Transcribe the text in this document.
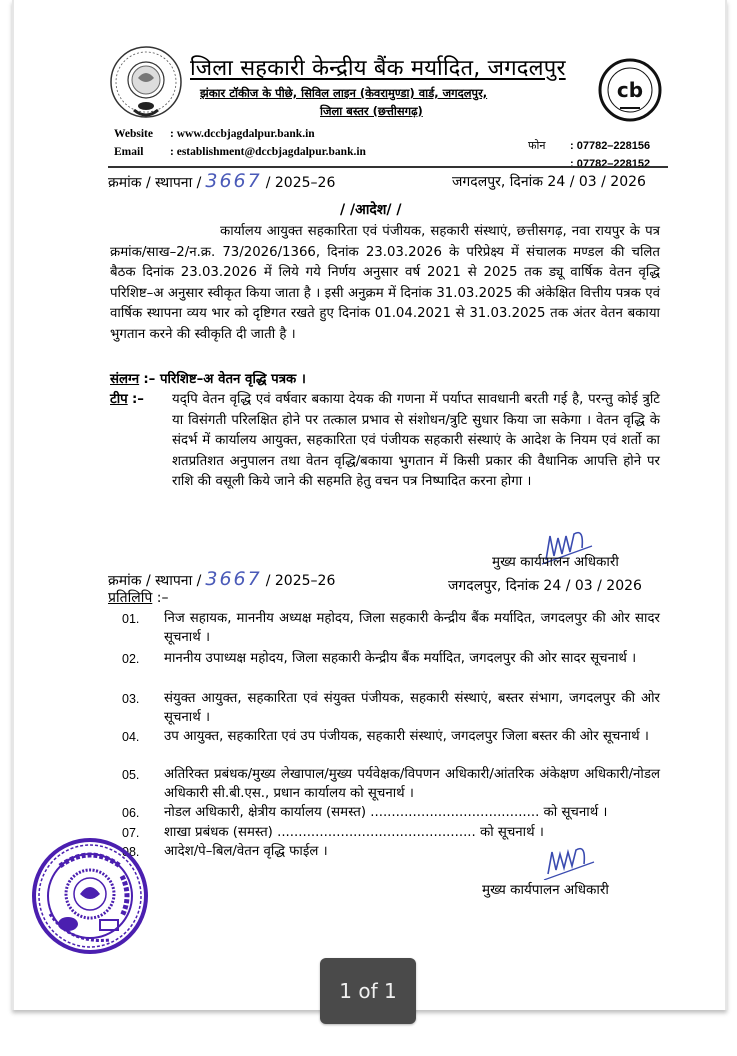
जिला सहकारी केन्द्रीय बैंक मर्यादित, जगदलपुर
झंकार टॉकीज के पीछे, सिविल लाइन (केवरामुण्डा) वार्ड, जगदलपुर,
जिला बस्तर (छत्तीसगढ़)
cb
Website : www.dccbjagdalpur.bank.in
Email : establishment@dccbjagdalpur.bank.in	फोन : 07782–228156
: 07782–228152
क्रमांक / स्थापना / 3667 / 2025–26	जगदलपुर, दिनांक 24 / 03 / 2026
/ /आदेश/ /
कार्यालय आयुक्त सहकारिता एवं पंजीयक, सहकारी संस्थाएं, छत्तीसगढ़, नवा रायपुर के पत्र क्रमांक/साख–2/न.क्र. 73/2026/1366, दिनांक 23.03.2026 के परिप्रेक्ष्य में संचालक मण्डल की चलित बैठक दिनांक 23.03.2026 में लिये गये निर्णय अनुसार वर्ष 2021 से 2025 तक ड्यू वार्षिक वेतन वृद्धि परिशिष्ट–अ अनुसार स्वीकृत किया जाता है । इसी अनुक्रम में दिनांक 31.03.2025 की अंकेक्षित वित्तीय पत्रक एवं वार्षिक स्थापना व्यय भार को दृष्टिगत रखते हुए दिनांक 01.04.2021 से 31.03.2025 तक अंतर वेतन बकाया भुगतान करने की स्वीकृति दी जाती है ।
संलग्न :– परिशिष्ट–अ वेतन वृद्धि पत्रक ।
टीप :–	यद्पि वेतन वृद्धि एवं वर्षवार बकाया देयक की गणना में पर्याप्त सावधानी बरती गई है, परन्तु कोई त्रुटि या विसंगती परिलक्षित होने पर तत्काल प्रभाव से संशोधन/त्रुटि सुधार किया जा सकेगा । वेतन वृद्धि के संदर्भ में कार्यालय आयुक्त, सहकारिता एवं पंजीयक सहकारी संस्थाएं के आदेश के नियम एवं शर्तो का शतप्रतिशत अनुपालन तथा वेतन वृद्धि/बकाया भुगतान में किसी प्रकार की वैधानिक आपत्ति होने पर राशि की वसूली किये जाने की सहमति हेतु वचन पत्र निष्पादित करना होगा ।
मुख्य कार्यपालन अधिकारी
क्रमांक / स्थापना / 3667 / 2025–26	जगदलपुर, दिनांक 24 / 03 / 2026
प्रतिलिपि :–
01.	निज सहायक, माननीय अध्यक्ष महोदय, जिला सहकारी केन्द्रीय बैंक मर्यादित, जगदलपुर की ओर सादर सूचनार्थ ।
02.	माननीय उपाध्यक्ष महोदय, जिला सहकारी केन्द्रीय बैंक मर्यादित, जगदलपुर की ओर सादर सूचनार्थ ।
03.	संयुक्त आयुक्त, सहकारिता एवं संयुक्त पंजीयक, सहकारी संस्थाएं, बस्तर संभाग, जगदलपुर की ओर सूचनार्थ ।
04.	उप आयुक्त, सहकारिता एवं उप पंजीयक, सहकारी संस्थाएं, जगदलपुर जिला बस्तर की ओर सूचनार्थ ।
05.	अतिरिक्त प्रबंधक/मुख्य लेखापाल/मुख्य पर्यवेक्षक/विपणन अधिकारी/आंतरिक अंकेक्षण अधिकारी/नोडल अधिकारी सी.बी.एस., प्रधान कार्यालय को सूचनार्थ ।
06.	नोडल अधिकारी, क्षेत्रीय कार्यालय (समस्त) ........................................ को सूचनार्थ ।
07.	शाखा प्रबंधक (समस्त) ............................................... को सूचनार्थ ।
08.	आदेश/पे–बिल/वेतन वृद्धि फाईल ।
मुख्य कार्यपालन अधिकारी
1 of 1
